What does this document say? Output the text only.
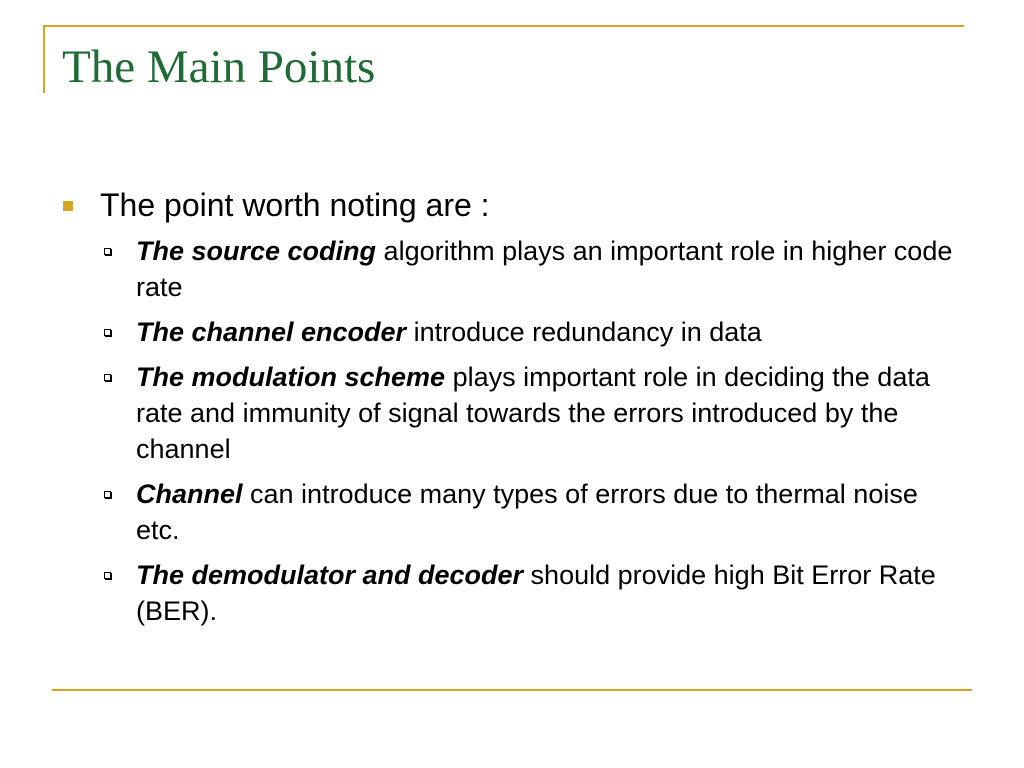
The Main Points
The point worth noting are :
The source coding algorithm plays an important role in higher code rate
The channel encoder introduce redundancy in data
The modulation scheme plays important role in deciding the data rate and immunity of signal towards the errors introduced by the channel
Channel can introduce many types of errors due to thermal noise etc.
The demodulator and decoder should provide high Bit Error Rate (BER).
